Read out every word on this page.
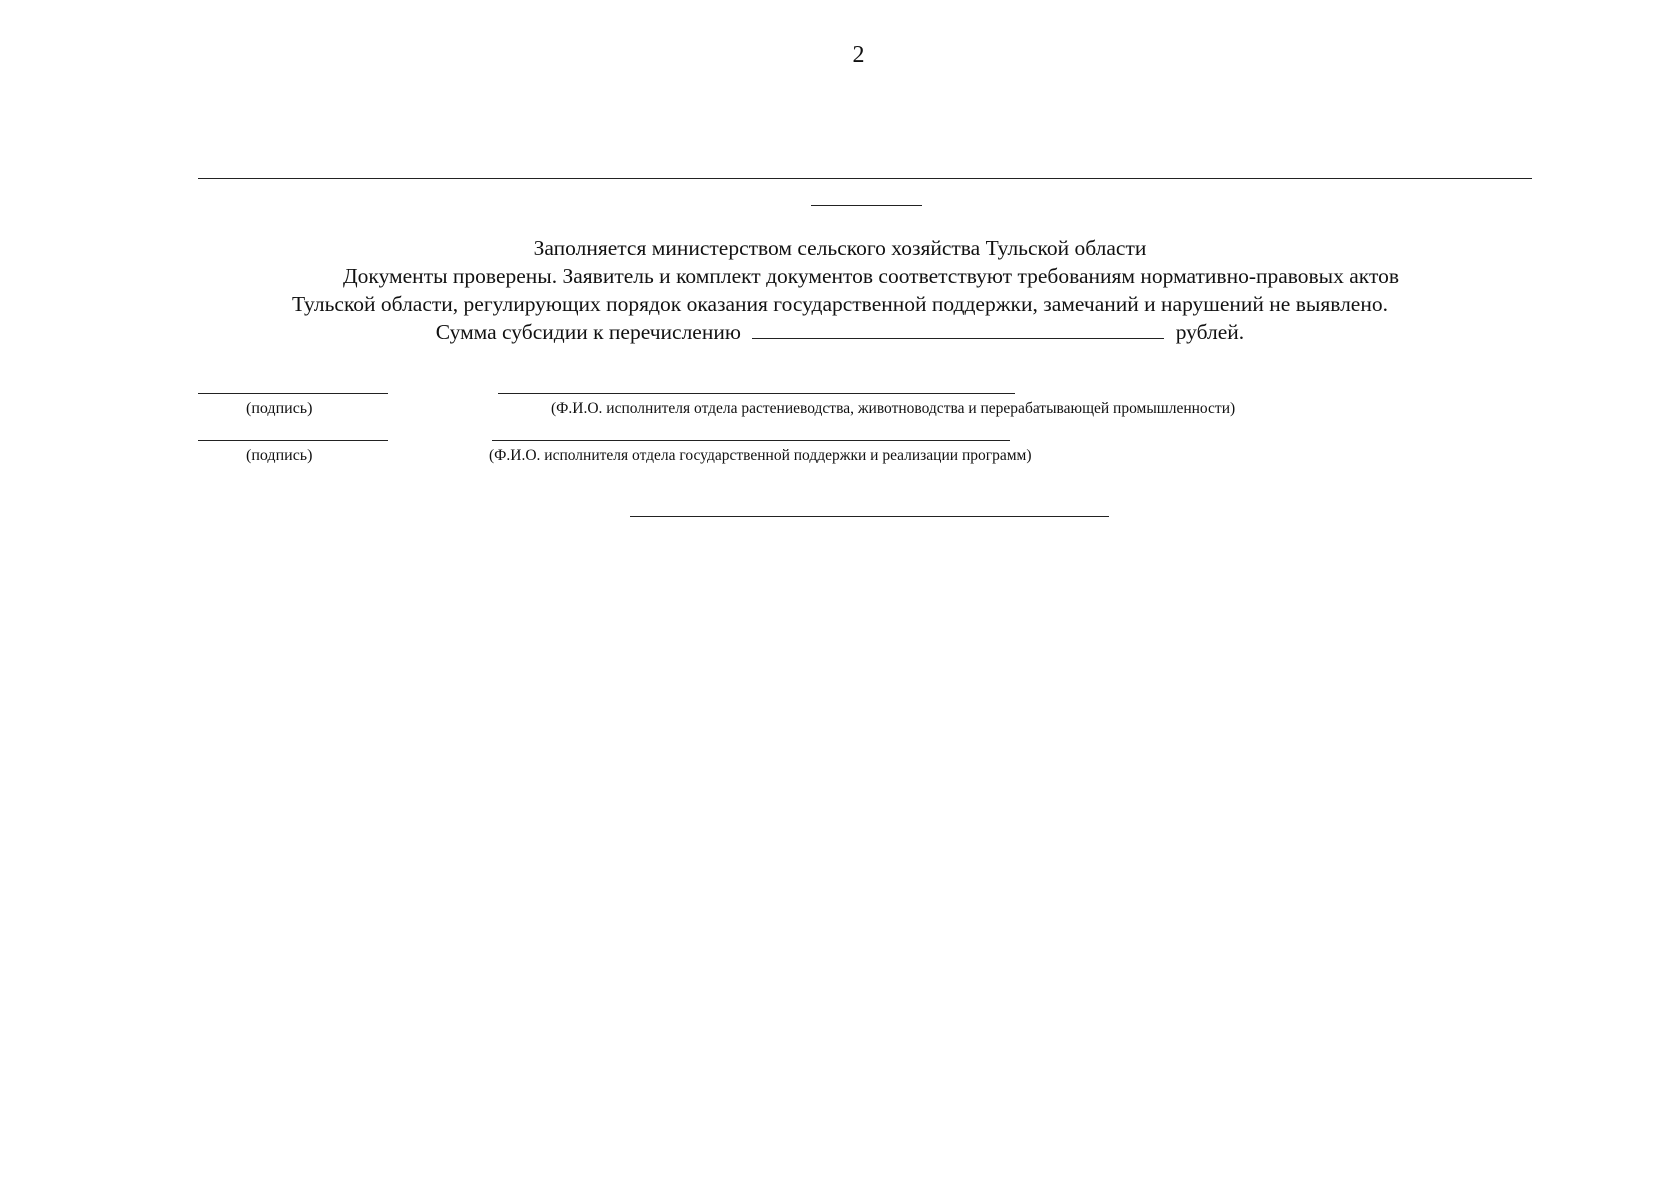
2
Заполняется министерством сельского хозяйства Тульской области
Документы проверены. Заявитель и комплект документов соответствуют требованиям нормативно-правовых актов
Тульской области, регулирующих порядок оказания государственной поддержки, замечаний и нарушений не выявлено.
Сумма субсидии к перечислению	рублей.
(подпись)	(Ф.И.О. исполнителя отдела растениеводства, животноводства и перерабатывающей промышленности)
(подпись)	(Ф.И.О. исполнителя отдела государственной поддержки и реализации программ)
